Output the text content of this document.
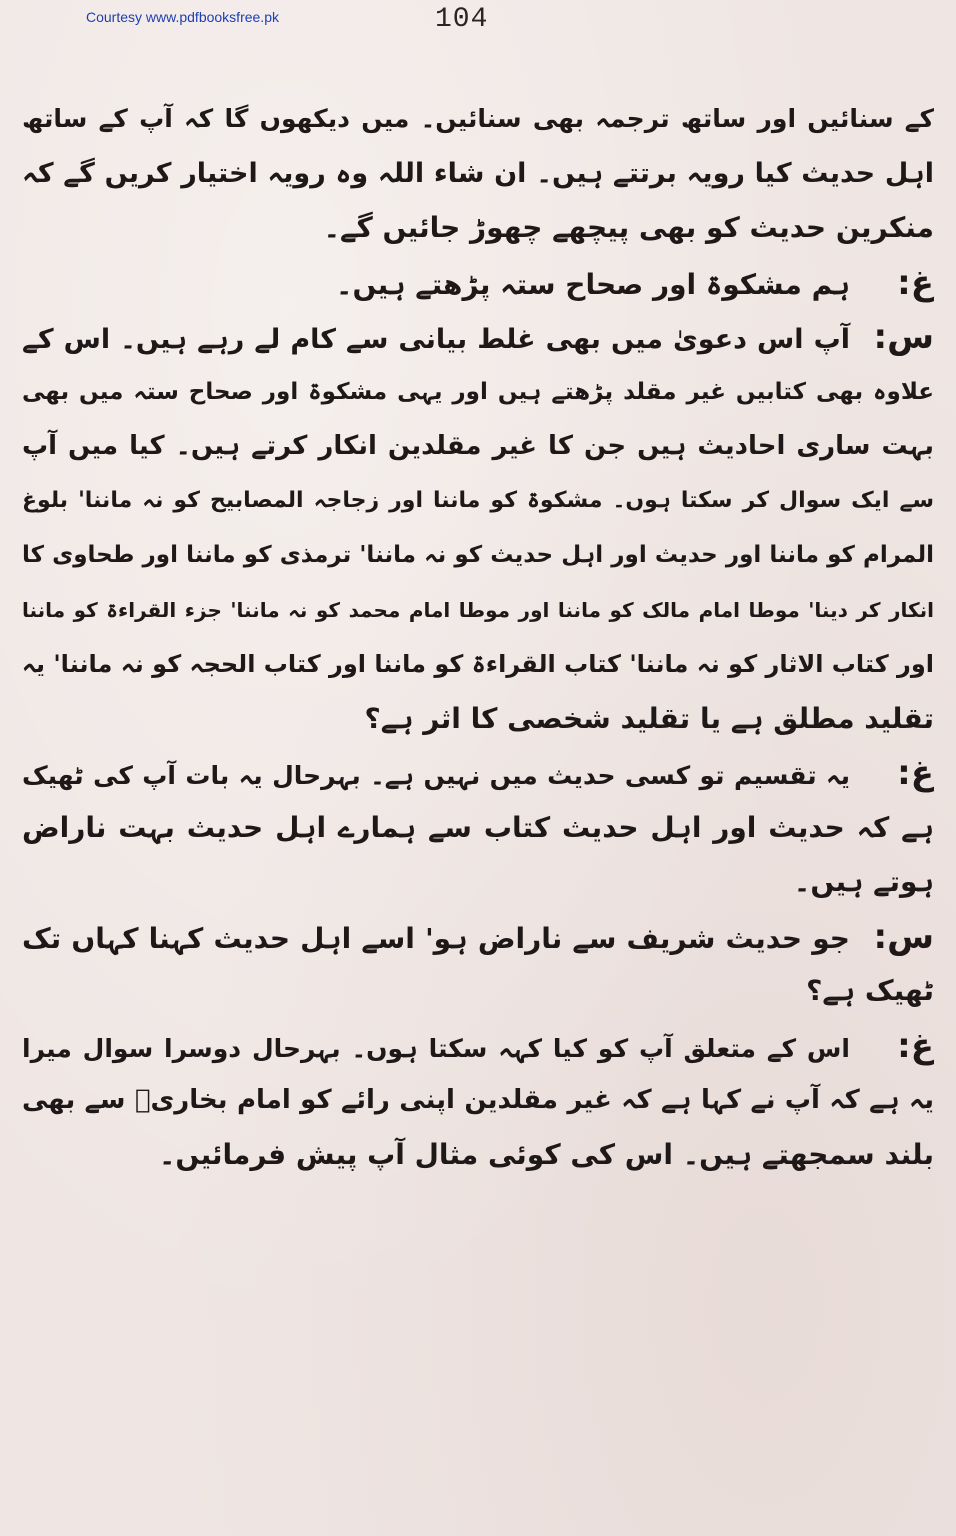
Courtesy www.pdfbooksfree.pk	104
کے سنائیں اور ساتھ ترجمہ بھی سنائیں۔ میں دیکھوں گا کہ آپ کے ساتھ
اہل حدیث کیا رویہ برتتے ہیں۔ ان شاء اللہ وہ رویہ اختیار کریں گے کہ
منکرین حدیث کو بھی پیچھے چھوڑ جائیں گے۔
غ:ہم مشکوۃ اور صحاح ستہ پڑھتے ہیں۔
س:آپ اس دعویٰ میں بھی غلط بیانی سے کام لے رہے ہیں۔ اس کے
علاوہ بھی کتابیں غیر مقلد پڑھتے ہیں اور یہی مشکوۃ اور صحاح ستہ میں بھی
بہت ساری احادیث ہیں جن کا غیر مقلدین انکار کرتے ہیں۔ کیا میں آپ
سے ایک سوال کر سکتا ہوں۔ مشکوۃ کو ماننا اور زجاجہ المصابیح کو نہ ماننا' بلوغ
المرام کو ماننا اور حدیث اور اہل حدیث کو نہ ماننا' ترمذی کو ماننا اور طحاوی کا
انکار کر دینا' موطا امام مالک کو ماننا اور موطا امام محمد کو نہ ماننا' جزء القراءۃ کو ماننا
اور کتاب الاثار کو نہ ماننا' کتاب القراءۃ کو ماننا اور کتاب الحجہ کو نہ ماننا' یہ
تقلید مطلق ہے یا تقلید شخصی کا اثر ہے؟
غ:یہ تقسیم تو کسی حدیث میں نہیں ہے۔ بہرحال یہ بات آپ کی ٹھیک
ہے کہ حدیث اور اہل حدیث کتاب سے ہمارے اہل حدیث بہت ناراض
ہوتے ہیں۔
س:جو حدیث شریف سے ناراض ہو' اسے اہل حدیث کہنا کہاں تک
ٹھیک ہے؟
غ:اس کے متعلق آپ کو کیا کہہ سکتا ہوں۔ بہرحال دوسرا سوال میرا
یہ ہے کہ آپ نے کہا ہے کہ غیر مقلدین اپنی رائے کو امام بخاریؒ سے بھی
بلند سمجھتے ہیں۔ اس کی کوئی مثال آپ پیش فرمائیں۔
